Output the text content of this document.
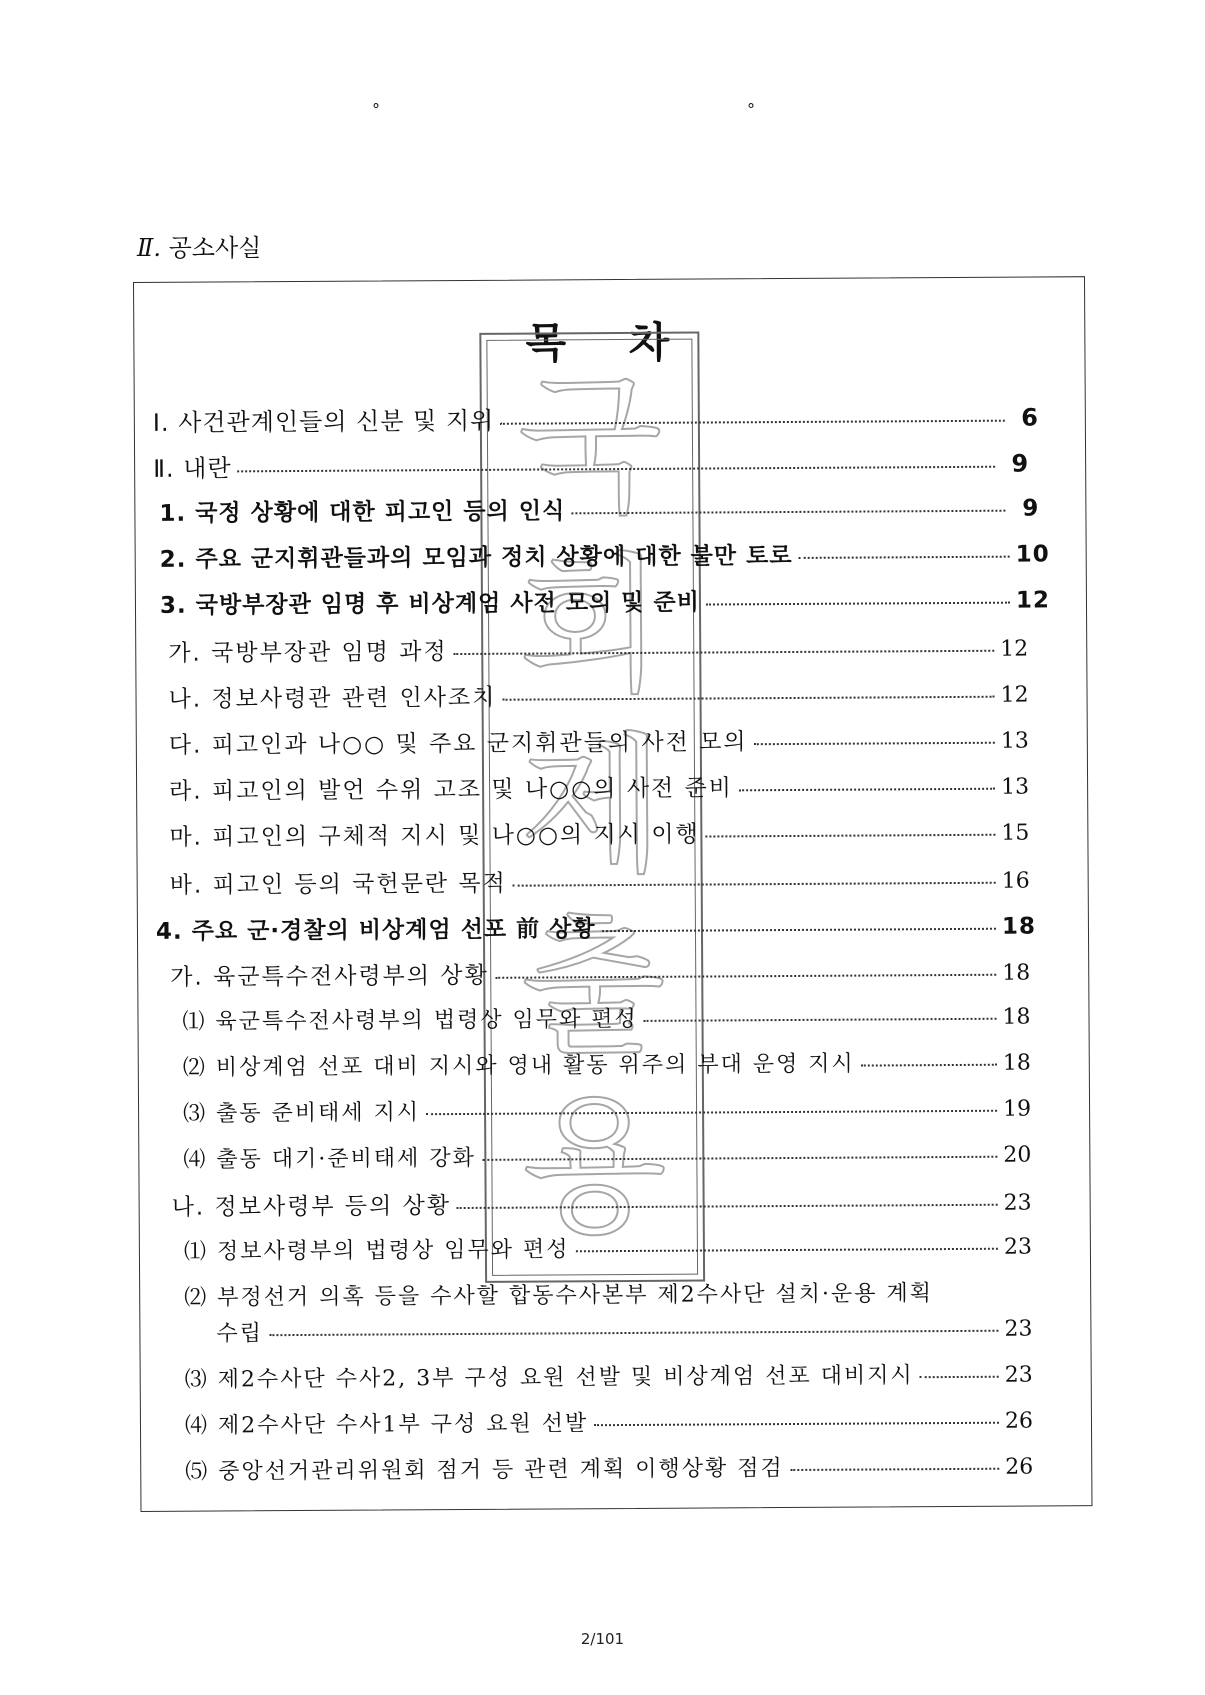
°	°
Ⅱ. 공소사실
목 차
국
회
제
출
용
Ⅰ. 사건관계인들의 신분 및 지위	6
Ⅱ. 내란	9
1. 국정 상황에 대한 피고인 등의 인식	9
2. 주요 군지휘관들과의 모임과 정치 상황에 대한 불만 토로	10
3. 국방부장관 임명 후 비상계엄 사전 모의 및 준비	12
가. 국방부장관 임명 과정	12
나. 정보사령관 관련 인사조치	12
다. 피고인과 나○○ 및 주요 군지휘관들의 사전 모의	13
라. 피고인의 발언 수위 고조 및 나○○의 사전 준비	13
마. 피고인의 구체적 지시 및 나○○의 지시 이행	15
바. 피고인 등의 국헌문란 목적	16
4. 주요 군·경찰의 비상계엄 선포 前 상황	18
가. 육군특수전사령부의 상황	18
⑴ 육군특수전사령부의 법령상 임무와 편성	18
⑵ 비상계엄 선포 대비 지시와 영내 활동 위주의 부대 운영 지시	18
⑶ 출동 준비태세 지시	19
⑷ 출동 대기·준비태세 강화	20
나. 정보사령부 등의 상황	23
⑴ 정보사령부의 법령상 임무와 편성	23
⑵ 부정선거 의혹 등을 수사할 합동수사본부 제2수사단 설치·운용 계획
수립	23
⑶ 제2수사단 수사2, 3부 구성 요원 선발 및 비상계엄 선포 대비지시	23
⑷ 제2수사단 수사1부 구성 요원 선발	26
⑸ 중앙선거관리위원회 점거 등 관련 계획 이행상황 점검	26
2/101
